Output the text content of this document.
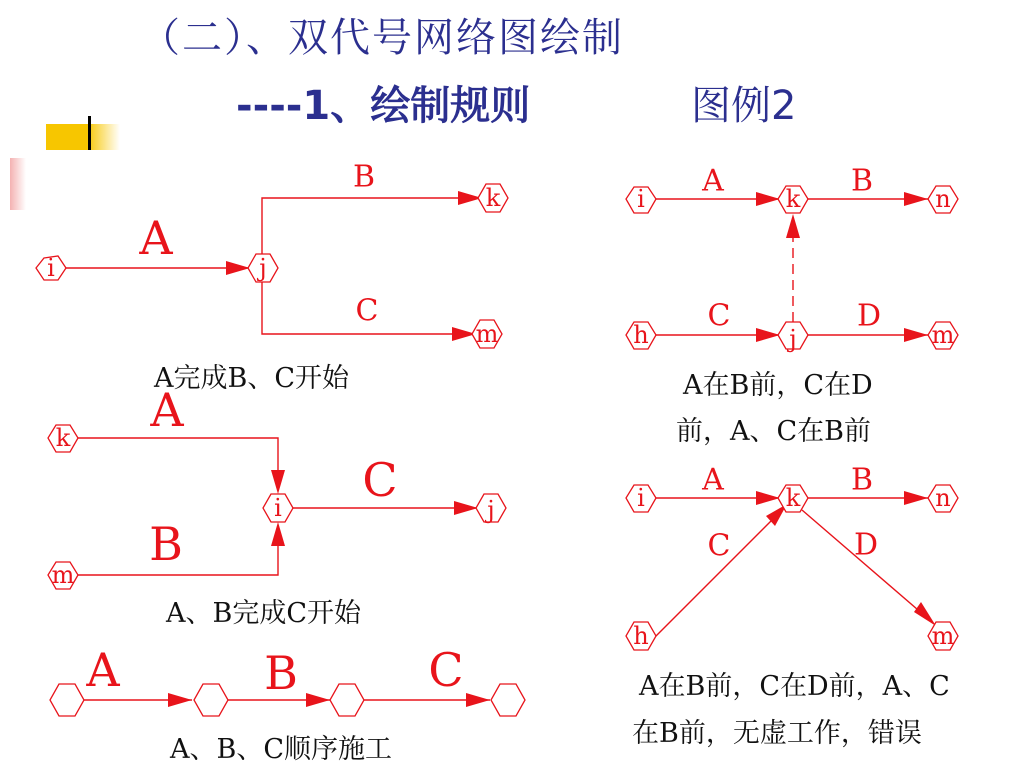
（二）、双代号网络图绘制
----1、绘制规则	图例2
i	j
k
m
A
B
C
i	k	n
h	j	m
A	B
C	D
k
i	j
m
A
C
B
i	k	n
h	m
A	B
C	D
A	B	C
A完成B、C开始	A在B前，C在D
前，A、C在B前
A、B完成C开始
A在B前，C在D前，A、C
在B前，无虚工作，错误
A、B、C顺序施工
